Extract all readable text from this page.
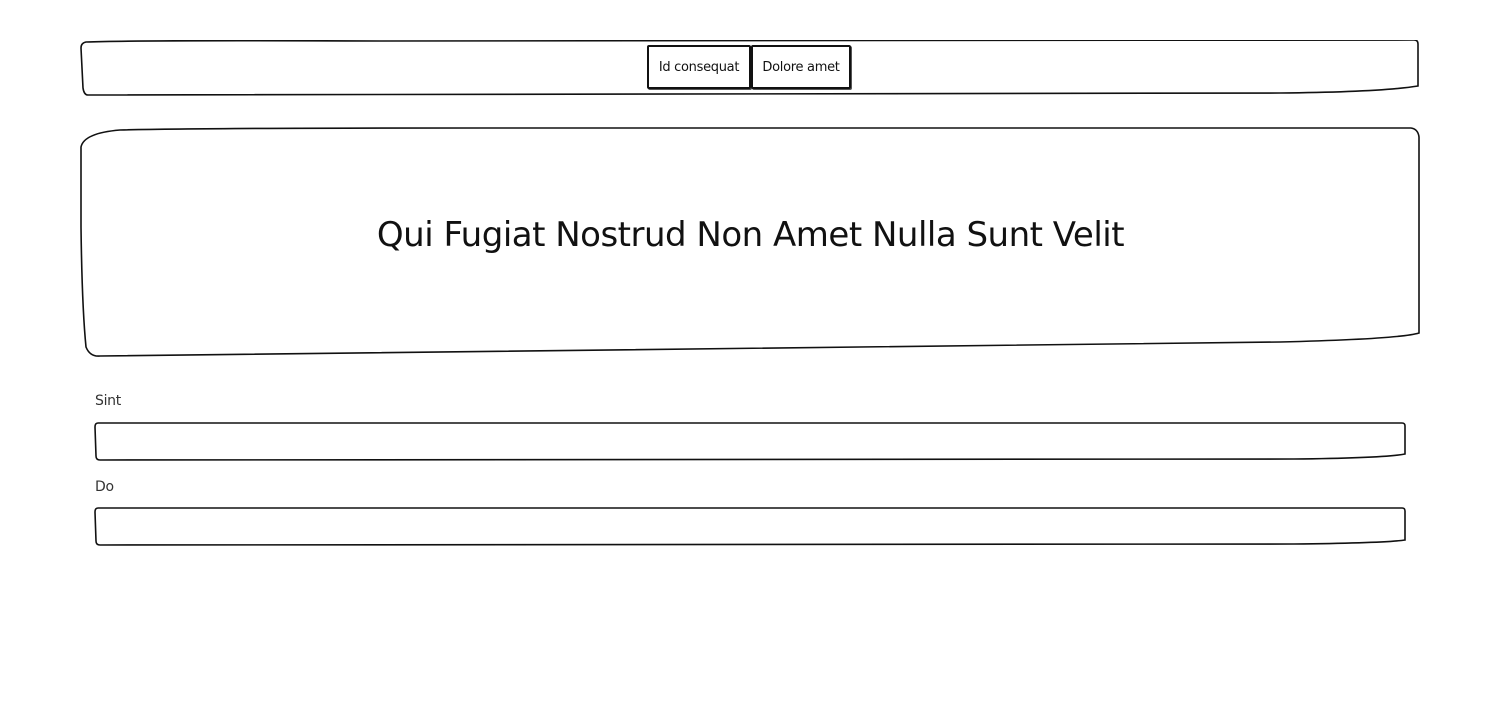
Id consequat	Dolore amet
Qui Fugiat Nostrud Non Amet Nulla Sunt Velit
Sint
Do
